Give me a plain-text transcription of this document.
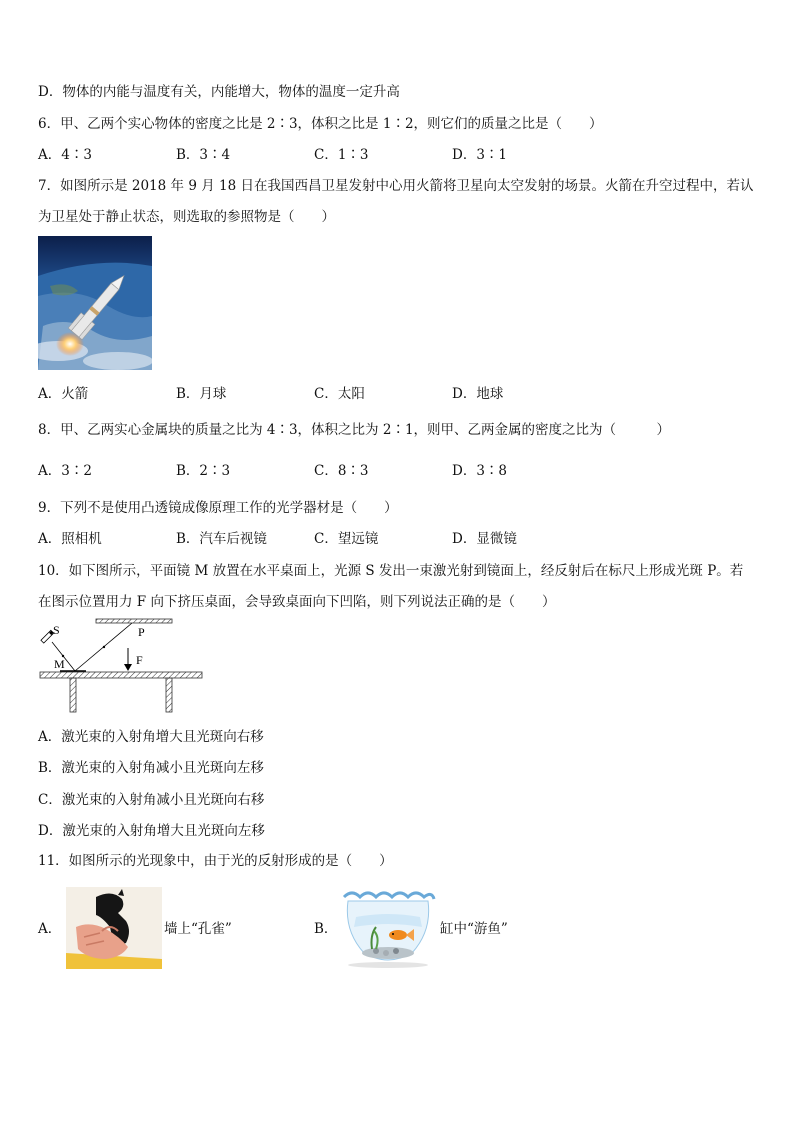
D．物体的内能与温度有关，内能增大，物体的温度一定升高
6．甲、乙两个实心物体的密度之比是 2∶3，体积之比是 1∶2，则它们的质量之比是（　　）
A．4∶3	B．3∶4	C．1∶3	D．3∶1
7．如图所示是 2018 年 9 月 18 日在我国西昌卫星发射中心用火箭将卫星向太空发射的场景。火箭在升空过程中，若认
为卫星处于静止状态，则选取的参照物是（　　）
A．火箭	B．月球	C．太阳	D．地球
8．甲、乙两实心金属块的质量之比为 4∶3，体积之比为 2∶1，则甲、乙两金属的密度之比为（　　　）
A．3∶2	B．2∶3	C．8∶3	D．3∶8
9．下列不是使用凸透镜成像原理工作的光学器材是（　　）
A．照相机	B．汽车后视镜	C．望远镜	D．显微镜
10．如下图所示，平面镜 M 放置在水平桌面上，光源 S 发出一束激光射到镜面上，经反射后在标尺上形成光斑 P。若
在图示位置用力 F 向下挤压桌面，会导致桌面向下凹陷，则下列说法正确的是（　　）
S	P
M	F
A．激光束的入射角增大且光斑向右移
B．激光束的入射角减小且光斑向左移
C．激光束的入射角减小且光斑向右移
D．激光束的入射角增大且光斑向左移
11．如图所示的光现象中，由于光的反射形成的是（　　）
A．	墙上“孔雀”	B．	缸中“游鱼”
